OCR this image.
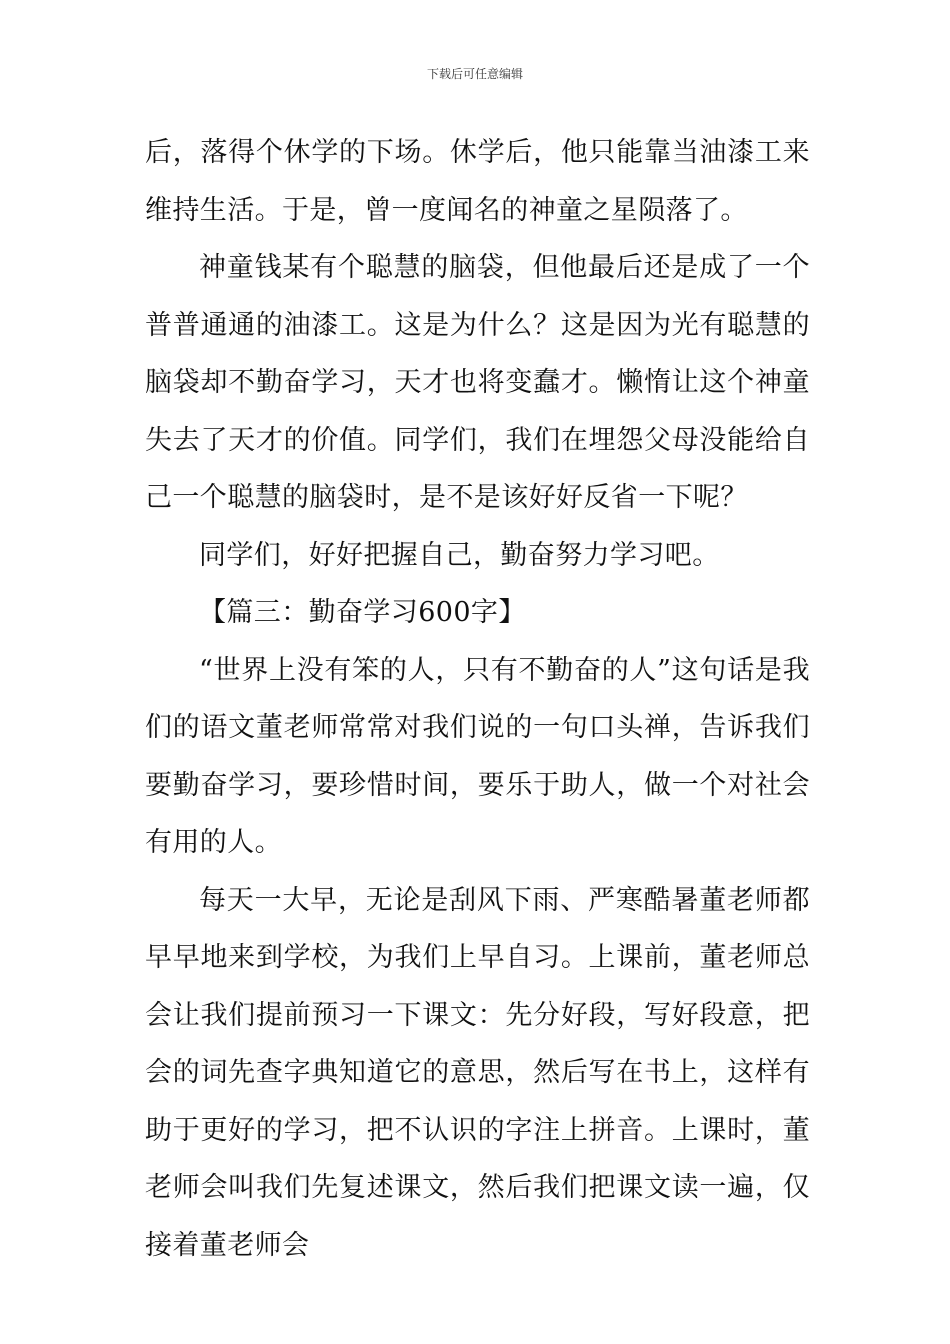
下载后可任意编辑

后，落得个休学的下场。休学后，他只能靠当油漆工来维持生活。于是，曾一度闻名的神童之星陨落了。

神童钱某有个聪慧的脑袋，但他最后还是成了一个普普通通的油漆工。这是为什么？这是因为光有聪慧的脑袋却不勤奋学习，天才也将变蠢才。懒惰让这个神童失去了天才的价值。同学们，我们在埋怨父母没能给自己一个聪慧的脑袋时，是不是该好好反省一下呢？

同学们，好好把握自己，勤奋努力学习吧。

【篇三：勤奋学习600字】

“世界上没有笨的人，只有不勤奋的人”这句话是我们的语文董老师常常对我们说的一句口头禅，告诉我们要勤奋学习，要珍惜时间，要乐于助人，做一个对社会有用的人。

每天一大早，无论是刮风下雨、严寒酷暑董老师都早早地来到学校，为我们上早自习。上课前，董老师总会让我们提前预习一下课文：先分好段，写好段意，把会的词先查字典知道它的意思，然后写在书上，这样有助于更好的学习，把不认识的字注上拼音。上课时，董老师会叫我们先复述课文，然后我们把课文读一遍，仅接着董老师会
